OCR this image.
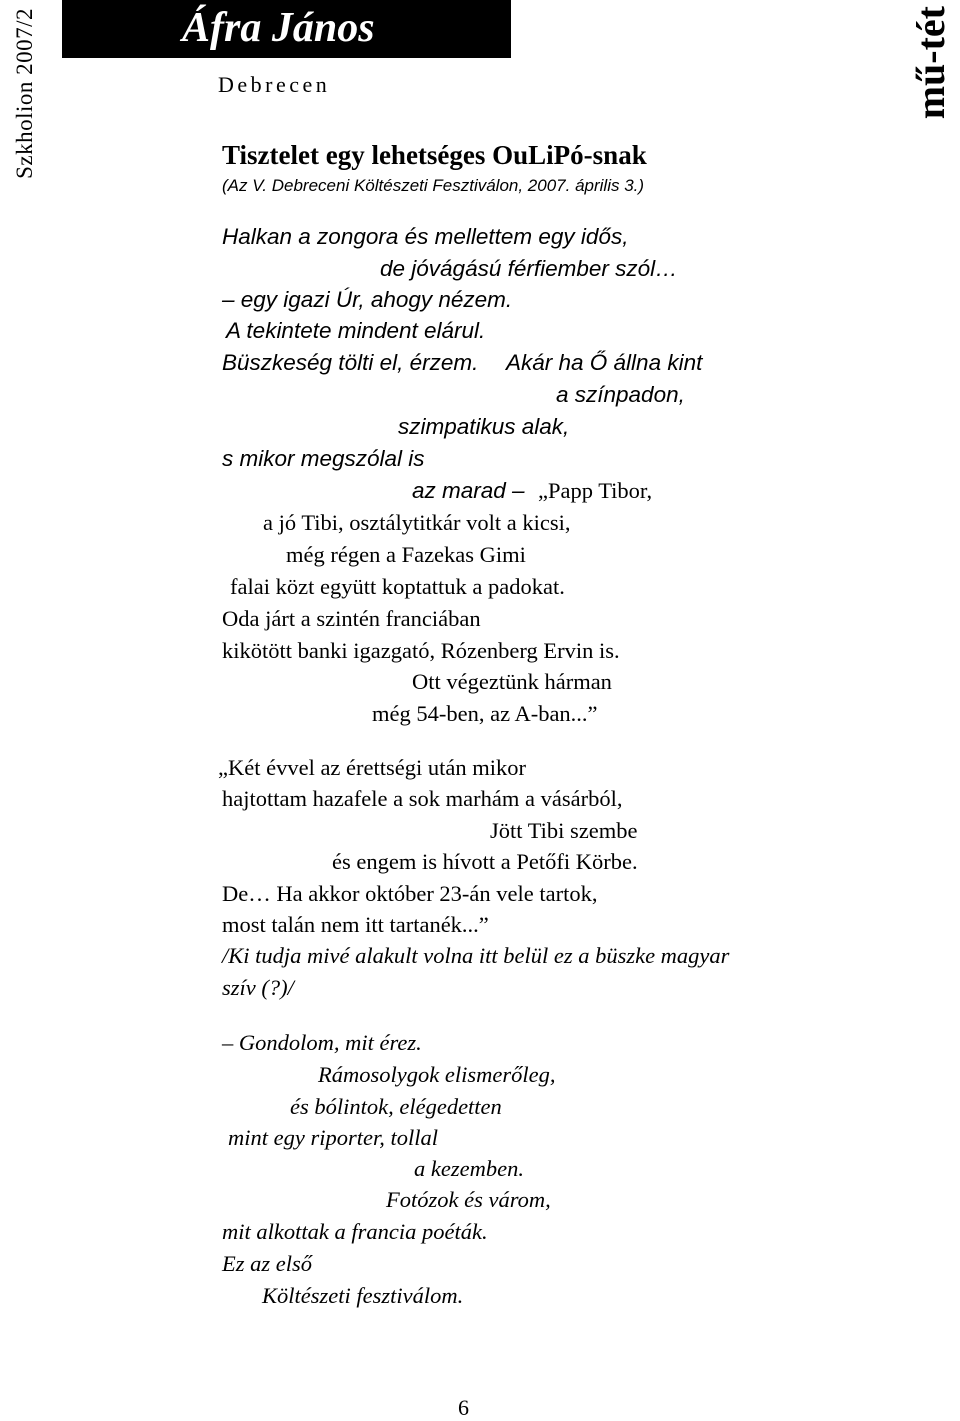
Szkholion 2007/2	mű-tét
Áfra János
Debrecen
Tisztelet egy lehetséges OuLiPó-snak
(Az V. Debreceni Költészeti Fesztiválon, 2007. április 3.)
Halkan a zongora és mellettem egy idős,
de jóvágású férfiember szól…
– egy igazi Úr, ahogy nézem.
A tekintete mindent elárul.
Büszkeség tölti el, érzem. Akár ha Ő állna kint
a színpadon,
szimpatikus alak,
s mikor megszólal is
az marad – „Papp Tibor,
a jó Tibi, osztálytitkár volt a kicsi,
még régen a Fazekas Gimi
falai közt együtt koptattuk a padokat.
Oda járt a szintén franciában
kikötött banki igazgató, Rózenberg Ervin is.
Ott végeztünk hárman
még 54-ben, az A-ban...”
„Két évvel az érettségi után mikor
hajtottam hazafele a sok marhám a vásárból,
Jött Tibi szembe
és engem is hívott a Petőfi Körbe.
De… Ha akkor október 23-án vele tartok,
most talán nem itt tartanék...”
/Ki tudja mivé alakult volna itt belül ez a büszke magyar
szív (?)/
– Gondolom, mit érez.
Rámosolygok elismerőleg,
és bólintok, elégedetten
mint egy riporter, tollal
a kezemben.
Fotózok és várom,
mit alkottak a francia poéták.
Ez az első
Költészeti fesztiválom.
6
